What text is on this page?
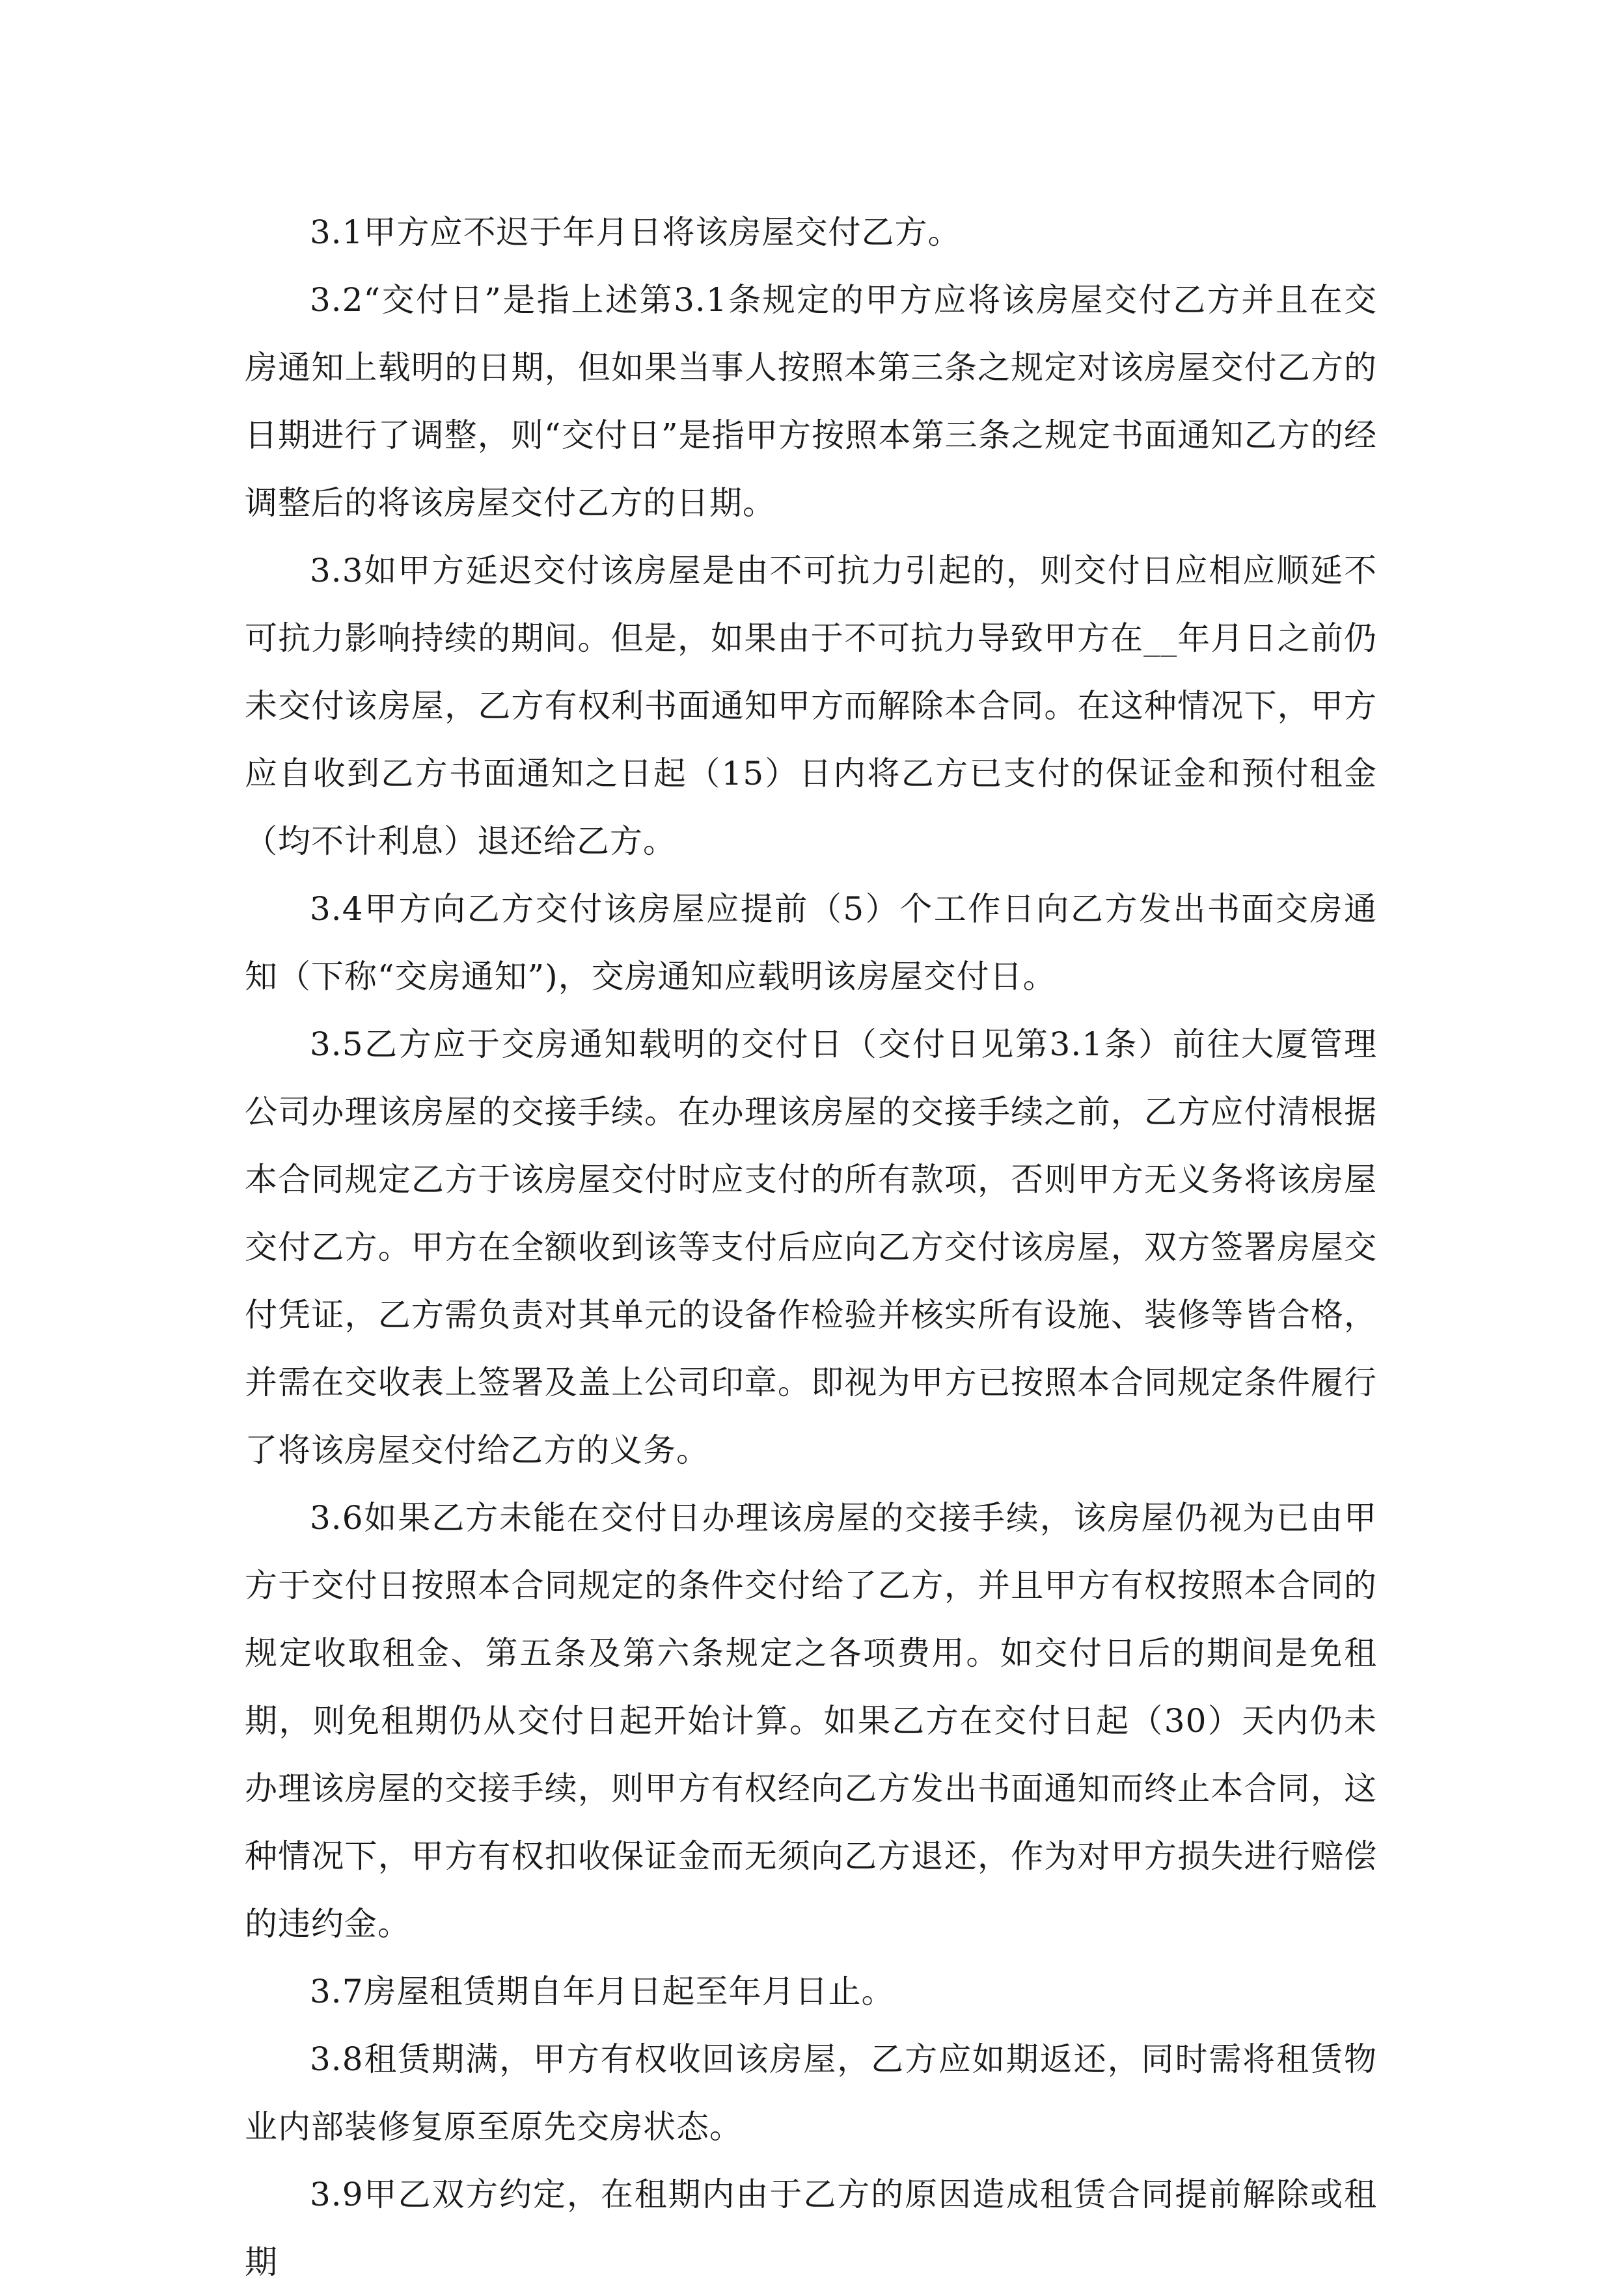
3.1甲方应不迟于年月日将该房屋交付乙方。

3.2“交付日”是指上述第3.1条规定的甲方应将该房屋交付乙方并且在交房通知上载明的日期，但如果当事人按照本第三条之规定对该房屋交付乙方的日期进行了调整，则“交付日”是指甲方按照本第三条之规定书面通知乙方的经调整后的将该房屋交付乙方的日期。

3.3如甲方延迟交付该房屋是由不可抗力引起的，则交付日应相应顺延不可抗力影响持续的期间。但是，如果由于不可抗力导致甲方在__年月日之前仍未交付该房屋，乙方有权利书面通知甲方而解除本合同。在这种情况下，甲方应自收到乙方书面通知之日起（15）日内将乙方已支付的保证金和预付租金（均不计利息）退还给乙方。

3.4甲方向乙方交付该房屋应提前（5）个工作日向乙方发出书面交房通知（下称“交房通知”)，交房通知应载明该房屋交付日。

3.5乙方应于交房通知载明的交付日（交付日见第3.1条）前往大厦管理公司办理该房屋的交接手续。在办理该房屋的交接手续之前，乙方应付清根据本合同规定乙方于该房屋交付时应支付的所有款项，否则甲方无义务将该房屋交付乙方。甲方在全额收到该等支付后应向乙方交付该房屋，双方签署房屋交付凭证，乙方需负责对其单元的设备作检验并核实所有设施、装修等皆合格，并需在交收表上签署及盖上公司印章。即视为甲方已按照本合同规定条件履行了将该房屋交付给乙方的义务。

3.6如果乙方未能在交付日办理该房屋的交接手续，该房屋仍视为已由甲方于交付日按照本合同规定的条件交付给了乙方，并且甲方有权按照本合同的规定收取租金、第五条及第六条规定之各项费用。如交付日后的期间是免租期，则免租期仍从交付日起开始计算。如果乙方在交付日起（30）天内仍未办理该房屋的交接手续，则甲方有权经向乙方发出书面通知而终止本合同，这种情况下，甲方有权扣收保证金而无须向乙方退还，作为对甲方损失进行赔偿的违约金。

3.7房屋租赁期自年月日起至年月日止。

3.8租赁期满，甲方有权收回该房屋，乙方应如期返还，同时需将租赁物业内部装修复原至原先交房状态。

3.9甲乙双方约定，在租期内由于乙方的原因造成租赁合同提前解除或租期
